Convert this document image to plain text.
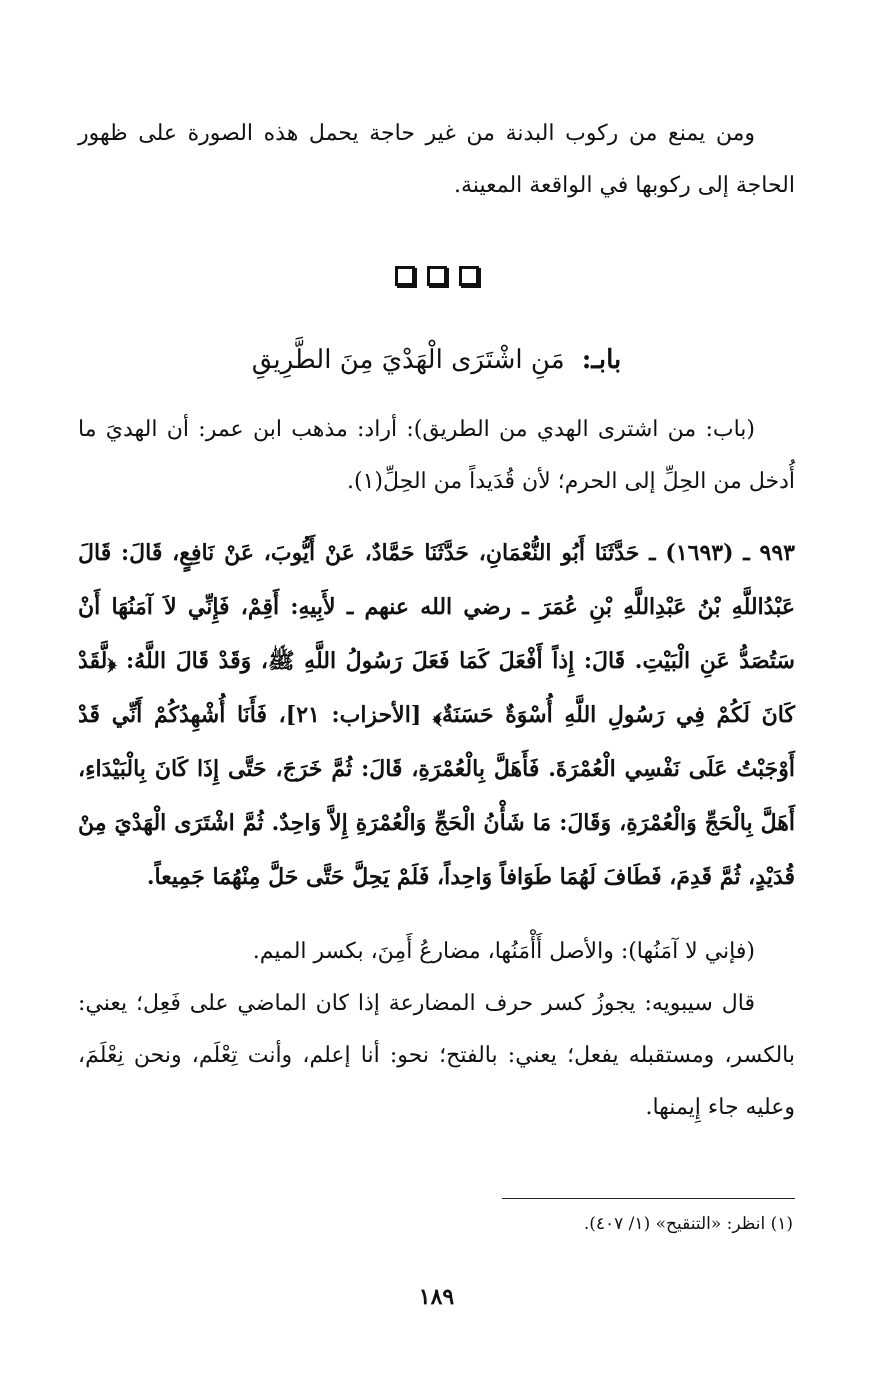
ومن يمنع من ركوب البدنة من غير حاجة يحمل هذه الصورة على ظهور الحاجة إلى ركوبها في الواقعة المعينة.

بابـ: مَنِ اشْتَرَى الْهَدْيَ مِنَ الطَّرِيقِ

(باب: من اشترى الهدي من الطريق): أراد: مذهب ابن عمر: أن الهديَ ما أُدخل من الحِلِّ إلى الحرم؛ لأن قُدَيداً من الحِلِّ(١).

٩٩٣ ـ (١٦٩٣) ـ حَدَّثَنَا أَبُو النُّعْمَانِ، حَدَّثَنَا حَمَّادٌ، عَنْ أَيُّوبَ، عَنْ نَافِعٍ، قَالَ: قَالَ عَبْدُاللَّهِ بْنُ عَبْدِاللَّهِ بْنِ عُمَرَ ـ رضي الله عنهم ـ لأَبِيهِ: أَقِمْ، فَإِنِّي لاَ آمَنُهَا أَنْ سَتُصَدُّ عَنِ الْبَيْتِ. قَالَ: إِذاً أَفْعَلَ كَمَا فَعَلَ رَسُولُ اللَّهِ ﷺ، وَقَدْ قَالَ اللَّهُ: ﴿لَّقَدْ كَانَ لَكُمْ فِي رَسُولِ اللَّهِ أُسْوَةٌ حَسَنَةٌ﴾ [الأحزاب: ٢١]، فَأَنَا أُشْهِدُكُمْ أَنِّي قَدْ أَوْجَبْتُ عَلَى نَفْسِي الْعُمْرَةَ. فَأَهَلَّ بِالْعُمْرَةِ، قَالَ: ثُمَّ خَرَجَ، حَتَّى إِذَا كَانَ بِالْبَيْدَاءِ، أَهَلَّ بِالْحَجِّ وَالْعُمْرَةِ، وَقَالَ: مَا شَأْنُ الْحَجِّ وَالْعُمْرَةِ إِلاَّ وَاحِدٌ. ثُمَّ اشْتَرَى الْهَدْيَ مِنْ قُدَيْدٍ، ثُمَّ قَدِمَ، فَطَافَ لَهُمَا طَوَافاً وَاحِداً، فَلَمْ يَحِلَّ حَتَّى حَلَّ مِنْهُمَا جَمِيعاً.

(فإني لا آمَنُها): والأصل أَأْمَنُها، مضارعُ أَمِنَ، بكسر الميم.

قال سيبويه: يجوزُ كسر حرف المضارعة إذا كان الماضي على فَعِل؛ يعني: بالكسر، ومستقبله يفعل؛ يعني: بالفتح؛ نحو: أنا إعلم، وأنت تِعْلَم، ونحن نِعْلَمَ، وعليه جاء إِيمنها.

(١) انظر: «التنقيح» (١/ ٤٠٧).
١٨٩
